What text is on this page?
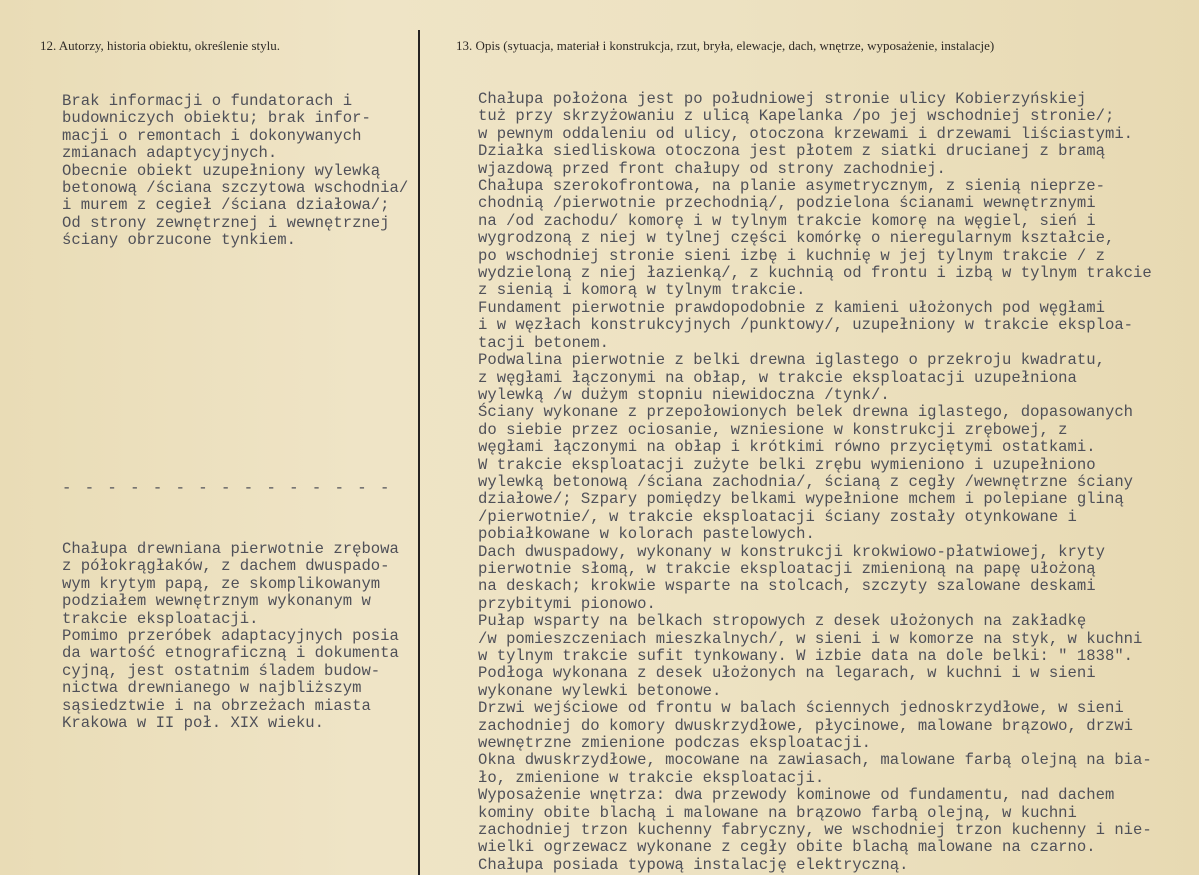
12. Autorzy, historia obiektu, określenie stylu.	13. Opis (sytuacja, materiał i konstrukcja, rzut, bryła, elewacje, dach, wnętrze, wyposażenie, instalacje)
Brak informacji o fundatorach i
budowniczych obiektu; brak infor-
macji o remontach i dokonywanych
zmianach adaptycyjnych.
Obecnie obiekt uzupełniony wylewką
betonową /ściana szczytowa wschodnia/
i murem z cegieł /ściana działowa/;
Od strony zewnętrznej i wewnętrznej
ściany obrzucone tynkiem.
- - - - - - - - - - - - - - -
Chałupa drewniana pierwotnie zrębowa
z półokrągłaków, z dachem dwuspado-
wym krytym papą, ze skomplikowanym
podziałem wewnętrznym wykonanym w
trakcie eksploatacji.
Pomimo przeróbek adaptacyjnych posia
da wartość etnograficzną i dokumenta
cyjną, jest ostatnim śladem budow-
nictwa drewnianego w najbliższym
sąsiedztwie i na obrzeżach miasta
Krakowa w II poł. XIX wieku.
Chałupa położona jest po południowej stronie ulicy Kobierzyńskiej
tuż przy skrzyżowaniu z ulicą Kapelanka /po jej wschodniej stronie/;
w pewnym oddaleniu od ulicy, otoczona krzewami i drzewami liściastymi.
Działka siedliskowa otoczona jest płotem z siatki drucianej z bramą
wjazdową przed front chałupy od strony zachodniej.
Chałupa szerokofrontowa, na planie asymetrycznym, z sienią nieprze-
chodnią /pierwotnie przechodnią/, podzielona ścianami wewnętrznymi
na /od zachodu/ komorę i w tylnym trakcie komorę na węgiel, sień i
wygrodzoną z niej w tylnej części komórkę o nieregularnym kształcie,
po wschodniej stronie sieni izbę i kuchnię w jej tylnym trakcie / z
wydzieloną z niej łazienką/, z kuchnią od frontu i izbą w tylnym trakcie
z sienią i komorą w tylnym trakcie.
Fundament pierwotnie prawdopodobnie z kamieni ułożonych pod węgłami
i w węzłach konstrukcyjnych /punktowy/, uzupełniony w trakcie eksploa-
tacji betonem.
Podwalina pierwotnie z belki drewna iglastego o przekroju kwadratu,
z węgłami łączonymi na obłap, w trakcie eksploatacji uzupełniona
wylewką /w dużym stopniu niewidoczna /tynk/.
Ściany wykonane z przepołowionych belek drewna iglastego, dopasowanych
do siebie przez ociosanie, wzniesione w konstrukcji zrębowej, z
węgłami łączonymi na obłap i krótkimi równo przyciętymi ostatkami.
W trakcie eksploatacji zużyte belki zrębu wymieniono i uzupełniono
wylewką betonową /ściana zachodnia/, ścianą z cegły /wewnętrzne ściany
działowe/; Szpary pomiędzy belkami wypełnione mchem i polepiane gliną
/pierwotnie/, w trakcie eksploatacji ściany zostały otynkowane i
pobiałkowane w kolorach pastelowych.
Dach dwuspadowy, wykonany w konstrukcji krokwiowo-płatwiowej, kryty
pierwotnie słomą, w trakcie eksploatacji zmienioną na papę ułożoną
na deskach; krokwie wsparte na stolcach, szczyty szalowane deskami
przybitymi pionowo.
Pułap wsparty na belkach stropowych z desek ułożonych na zakładkę
/w pomieszczeniach mieszkalnych/, w sieni i w komorze na styk, w kuchni
w tylnym trakcie sufit tynkowany. W izbie data na dole belki: " 1838".
Podłoga wykonana z desek ułożonych na legarach, w kuchni i w sieni
wykonane wylewki betonowe.
Drzwi wejściowe od frontu w balach ściennych jednoskrzydłowe, w sieni
zachodniej do komory dwuskrzydłowe, płycinowe, malowane brązowo, drzwi
wewnętrzne zmienione podczas eksploatacji.
Okna dwuskrzydłowe, mocowane na zawiasach, malowane farbą olejną na bia-
ło, zmienione w trakcie eksploatacji.
Wyposażenie wnętrza: dwa przewody kominowe od fundamentu, nad dachem
kominy obite blachą i malowane na brązowo farbą olejną, w kuchni
zachodniej trzon kuchenny fabryczny, we wschodniej trzon kuchenny i nie-
wielki ogrzewacz wykonane z cegły obite blachą malowane na czarno.
Chałupa posiada typową instalację elektryczną.
